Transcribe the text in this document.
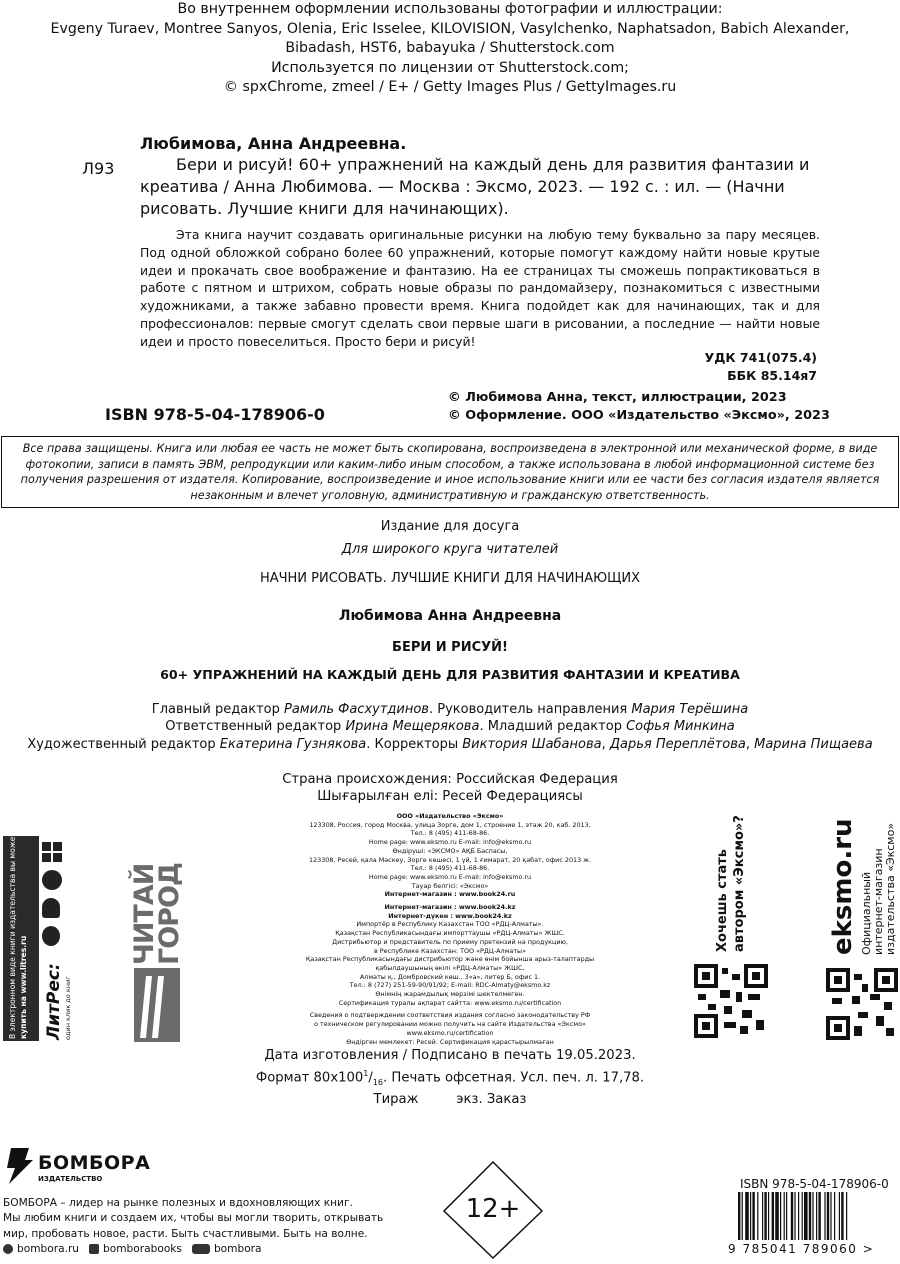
Во внутреннем оформлении использованы фотографии и иллюстрации:
Evgeny Turaev, Montree Sanyos, Olenia, Eric Isselee, KILOVISION, Vasylchenko, Naphatsadon, Babich Alexander,
Bibadash, HST6, babayuka / Shutterstock.com
Используется по лицензии от Shutterstock.com;
© spxChrome, zmeel / E+ / Getty Images Plus / GettyImages.ru
Любимова, Анна Андреевна.
Л93	Бери и рисуй! 60+ упражнений на каждый день для развития фантазии и креатива / Анна Любимова. — Москва : Эксмо, 2023. — 192 с. : ил. — (Начни рисовать. Лучшие книги для начинающих).
Эта книга научит создавать оригинальные рисунки на любую тему буквально за пару месяцев. Под одной обложкой собрано более 60 упражнений, которые помогут каждому найти новые крутые идеи и прокачать свое воображение и фантазию. На ее страницах ты сможешь попрактиковаться в работе с пятном и штрихом, собрать новые образы по рандомайзеру, познакомиться с известными художниками, а также забавно провести время. Книга подойдет как для начинающих, так и для профессионалов: первые смогут сделать свои первые шаги в рисовании, а последние — найти новые идеи и просто повеселиться. Просто бери и рисуй!
УДК 741(075.4)
ББК 85.14я7
ISBN 978-5-04-178906-0
© Любимова Анна, текст, иллюстрации, 2023
© Оформление. ООО «Издательство «Эксмо», 2023
Все права защищены. Книга или любая ее часть не может быть скопирована, воспроизведена в электронной или механической форме, в виде фотокопии, записи в память ЭВМ, репродукции или каким-либо иным способом, а также использована в любой информационной системе без получения разрешения от издателя. Копирование, воспроизведение и иное использование книги или ее части без согласия издателя является незаконным и влечет уголовную, административную и гражданскую ответственность.
Издание для досуга
Для широкого круга читателей
НАЧНИ РИСОВАТЬ. ЛУЧШИЕ КНИГИ ДЛЯ НАЧИНАЮЩИХ
Любимова Анна Андреевна
БЕРИ И РИСУЙ!
60+ УПРАЖНЕНИЙ НА КАЖДЫЙ ДЕНЬ ДЛЯ РАЗВИТИЯ ФАНТАЗИИ И КРЕАТИВА
Главный редактор Рамиль Фасхутдинов. Руководитель направления Мария Терёшина
Ответственный редактор Ирина Мещерякова. Младший редактор Софья Минкина
Художественный редактор Екатерина Гузнякова. Корректоры Виктория Шабанова, Дарья Переплётова, Марина Пищаева
Страна происхождения: Российская Федерация
Шығарылған елі: Ресей Федерациясы
ООО «Издательство «Эксмо»
123308, Россия, город Москва, улица Зорге, дом 1, строение 1, этаж 20, каб. 2013.
Тел.: 8 (495) 411-68-86.
Home page: www.eksmo.ru E-mail: info@eksmo.ru
Өндіруші: «ЭКСМО» АҚБ Баспасы,
123308, Ресей, қала Мәскеу, Зорге көшесі, 1 үй, 1 ғимарат, 20 қабат, офис 2013 ж.
Тел.: 8 (495) 411-68-86.
Home page: www.eksmo.ru E-mail: info@eksmo.ru
Тауар белгісі: «Эксмо»
Интернет-магазин : www.book24.ru
Интернет-магазин : www.book24.kz
Интернет-дүкен : www.book24.kz
Импортёр в Республику Казахстан ТОО «РДЦ-Алматы».
Қазақстан Республикасындағы импорттаушы «РДЦ-Алматы» ЖШС.
Дистрибьютор и представитель по приему претензий на продукцию,
в Республике Казахстан: ТОО «РДЦ-Алматы»
Қазақстан Республикасындағы дистрибьютор және өнім бойынша арыз-талаптарды
қабылдаушының өкілі «РДЦ-Алматы» ЖШС,
Алматы қ., Домбровский көш., 3«а», литер Б, офис 1.
Тел.: 8 (727) 251-59-90/91/92; E-mail: RDC-Almaty@eksmo.kz
Өнімнің жарамдылық мерзімі шектелмеген.
Сертификация туралы ақпарат сайтта: www.eksmo.ru/certification
Сведения о подтверждении соответствия издания согласно законодательству РФ
о техническом регулировании можно получить на сайте Издательства «Эксмо»
www.eksmo.ru/certification
Өндірген мемлекет: Ресей. Сертификация қарастырылмаған
В электронном виде книги издательства вы можете купить на www.litres.ru ЛитРес: один клик до книг
ЧИТАЙ
ГОРОД	Хочешь стать автором «Эксмо»?	eksmo.ru Официальный интернет-магазин издательства «Эксмо»
Дата изготовления / Подписано в печать 19.05.2023.
Формат $80x100^1/_{16}$. Печать офсетная. Усл. печ. л. 17,78.
Тираж         экз. Заказ
БОМБОРА
ИЗДАТЕЛЬСТВО
БОМБОРА – лидер на рынке полезных и вдохновляющих книг.
Мы любим книги и создаем их, чтобы вы могли творить, открывать
мир, пробовать новое, расти. Быть счастливыми. Быть на волне.
bombora.ru bomborabooks	bombora
12+
ISBN 978-5-04-178906-0
9 785041 789060 >
